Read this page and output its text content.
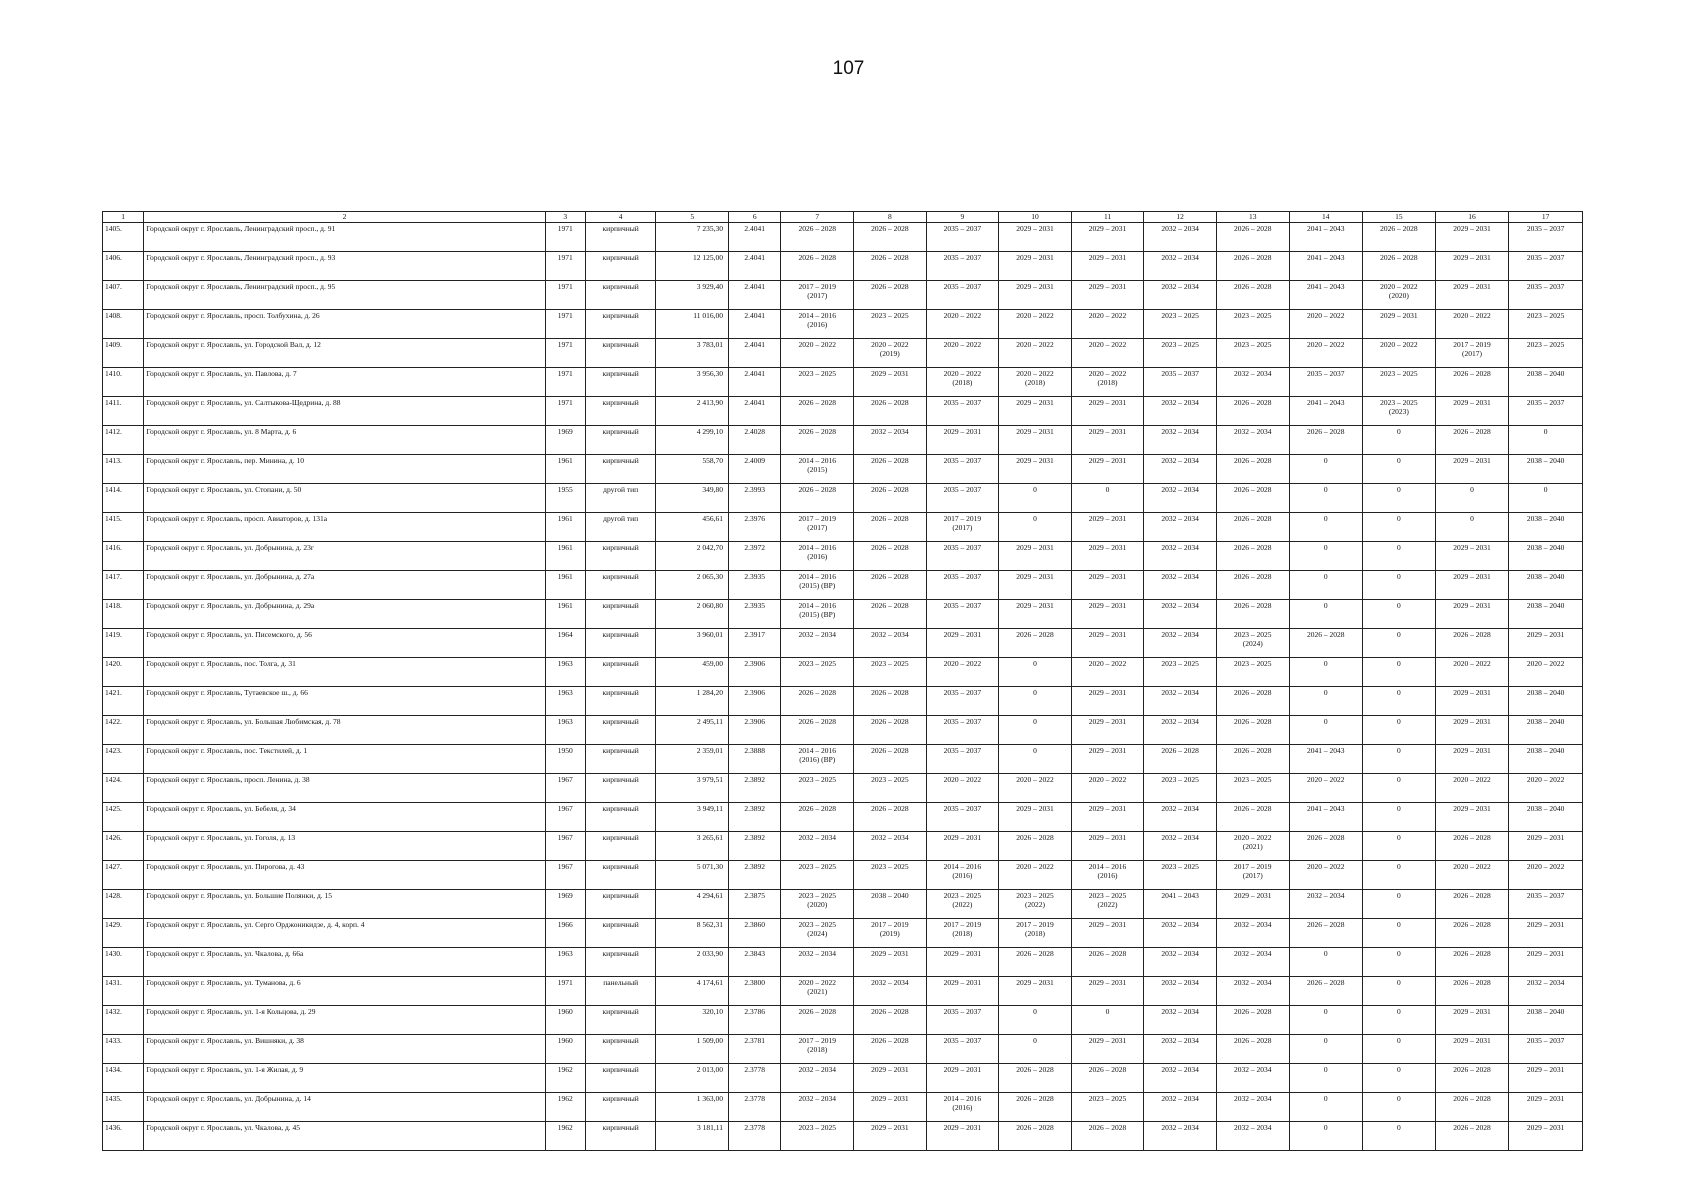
107
1	2	3	4	5	6	7	8	9	10	11	12	13	14	15	16	17
1405.	Городской округ г. Ярославль, Ленинградский просп., д. 91	1971	кирпичный	7 235,30	2.4041	2026 – 2028	2026 – 2028	2035 – 2037	2029 – 2031	2029 – 2031	2032 – 2034	2026 – 2028	2041 – 2043	2026 – 2028	2029 – 2031	2035 – 2037
1406.	Городской округ г. Ярославль, Ленинградский просп., д. 93	1971	кирпичный	12 125,00	2.4041	2026 – 2028	2026 – 2028	2035 – 2037	2029 – 2031	2029 – 2031	2032 – 2034	2026 – 2028	2041 – 2043	2026 – 2028	2029 – 2031	2035 – 2037
1407.	Городской округ г. Ярославль, Ленинградский просп., д. 95	1971	кирпичный	3 929,40	2.4041	2017 – 2019
(2017)	2026 – 2028	2035 – 2037	2029 – 2031	2029 – 2031	2032 – 2034	2026 – 2028	2041 – 2043	2020 – 2022
(2020)	2029 – 2031	2035 – 2037
1408.	Городской округ г. Ярославль, просп. Толбухина, д. 26	1971	кирпичный	11 016,00	2.4041	2014 – 2016
(2016)	2023 – 2025	2020 – 2022	2020 – 2022	2020 – 2022	2023 – 2025	2023 – 2025	2020 – 2022	2029 – 2031	2020 – 2022	2023 – 2025
1409.	Городской округ г. Ярославль, ул. Городской Вал, д. 12	1971	кирпичный	3 783,01	2.4041	2020 – 2022	2020 – 2022
(2019)	2020 – 2022	2020 – 2022	2020 – 2022	2023 – 2025	2023 – 2025	2020 – 2022	2020 – 2022	2017 – 2019
(2017)	2023 – 2025
1410.	Городской округ г. Ярославль, ул. Павлова, д. 7	1971	кирпичный	3 956,30	2.4041	2023 – 2025	2029 – 2031	2020 – 2022
(2018)	2020 – 2022
(2018)	2020 – 2022
(2018)	2035 – 2037	2032 – 2034	2035 – 2037	2023 – 2025	2026 – 2028	2038 – 2040
1411.	Городской округ г. Ярославль, ул. Салтыкова-Щедрина, д. 88	1971	кирпичный	2 413,90	2.4041	2026 – 2028	2026 – 2028	2035 – 2037	2029 – 2031	2029 – 2031	2032 – 2034	2026 – 2028	2041 – 2043	2023 – 2025
(2023)	2029 – 2031	2035 – 2037
1412.	Городской округ г. Ярославль, ул. 8 Марта, д. 6	1969	кирпичный	4 299,10	2.4028	2026 – 2028	2032 – 2034	2029 – 2031	2029 – 2031	2029 – 2031	2032 – 2034	2032 – 2034	2026 – 2028	0	2026 – 2028	0
1413.	Городской округ г. Ярославль, пер. Минина, д. 10	1961	кирпичный	558,70	2.4009	2014 – 2016
(2015)	2026 – 2028	2035 – 2037	2029 – 2031	2029 – 2031	2032 – 2034	2026 – 2028	0	0	2029 – 2031	2038 – 2040
1414.	Городской округ г. Ярославль, ул. Стопани, д. 50	1955	другой тип	349,80	2.3993	2026 – 2028	2026 – 2028	2035 – 2037	0	0	2032 – 2034	2026 – 2028	0	0	0	0
1415.	Городской округ г. Ярославль, просп. Авиаторов, д. 131а	1961	другой тип	456,61	2.3976	2017 – 2019
(2017)	2026 – 2028	2017 – 2019
(2017)	0	2029 – 2031	2032 – 2034	2026 – 2028	0	0	0	2038 – 2040
1416.	Городской округ г. Ярославль, ул. Добрынина, д. 23г	1961	кирпичный	2 042,70	2.3972	2014 – 2016
(2016)	2026 – 2028	2035 – 2037	2029 – 2031	2029 – 2031	2032 – 2034	2026 – 2028	0	0	2029 – 2031	2038 – 2040
1417.	Городской округ г. Ярославль, ул. Добрынина, д. 27а	1961	кирпичный	2 065,30	2.3935	2014 – 2016
(2015) (ВР)	2026 – 2028	2035 – 2037	2029 – 2031	2029 – 2031	2032 – 2034	2026 – 2028	0	0	2029 – 2031	2038 – 2040
1418.	Городской округ г. Ярославль, ул. Добрынина, д. 29а	1961	кирпичный	2 060,80	2.3935	2014 – 2016
(2015) (ВР)	2026 – 2028	2035 – 2037	2029 – 2031	2029 – 2031	2032 – 2034	2026 – 2028	0	0	2029 – 2031	2038 – 2040
1419.	Городской округ г. Ярославль, ул. Писемского, д. 56	1964	кирпичный	3 960,01	2.3917	2032 – 2034	2032 – 2034	2029 – 2031	2026 – 2028	2029 – 2031	2032 – 2034	2023 – 2025
(2024)	2026 – 2028	0	2026 – 2028	2029 – 2031
1420.	Городской округ г. Ярославль, пос. Толга, д. 31	1963	кирпичный	459,00	2.3906	2023 – 2025	2023 – 2025	2020 – 2022	0	2020 – 2022	2023 – 2025	2023 – 2025	0	0	2020 – 2022	2020 – 2022
1421.	Городской округ г. Ярославль, Тутаевское ш., д. 66	1963	кирпичный	1 284,20	2.3906	2026 – 2028	2026 – 2028	2035 – 2037	0	2029 – 2031	2032 – 2034	2026 – 2028	0	0	2029 – 2031	2038 – 2040
1422.	Городской округ г. Ярославль, ул. Большая Любимская, д. 78	1963	кирпичный	2 495,11	2.3906	2026 – 2028	2026 – 2028	2035 – 2037	0	2029 – 2031	2032 – 2034	2026 – 2028	0	0	2029 – 2031	2038 – 2040
1423.	Городской округ г. Ярославль, пос. Текстилей, д. 1	1950	кирпичный	2 359,01	2.3888	2014 – 2016
(2016) (ВР)	2026 – 2028	2035 – 2037	0	2029 – 2031	2026 – 2028	2026 – 2028	2041 – 2043	0	2029 – 2031	2038 – 2040
1424.	Городской округ г. Ярославль, просп. Ленина, д. 38	1967	кирпичный	3 979,51	2.3892	2023 – 2025	2023 – 2025	2020 – 2022	2020 – 2022	2020 – 2022	2023 – 2025	2023 – 2025	2020 – 2022	0	2020 – 2022	2020 – 2022
1425.	Городской округ г. Ярославль, ул. Бебеля, д. 34	1967	кирпичный	3 949,11	2.3892	2026 – 2028	2026 – 2028	2035 – 2037	2029 – 2031	2029 – 2031	2032 – 2034	2026 – 2028	2041 – 2043	0	2029 – 2031	2038 – 2040
1426.	Городской округ г. Ярославль, ул. Гоголя, д. 13	1967	кирпичный	3 265,61	2.3892	2032 – 2034	2032 – 2034	2029 – 2031	2026 – 2028	2029 – 2031	2032 – 2034	2020 – 2022
(2021)	2026 – 2028	0	2026 – 2028	2029 – 2031
1427.	Городской округ г. Ярославль, ул. Пирогова, д. 43	1967	кирпичный	5 071,30	2.3892	2023 – 2025	2023 – 2025	2014 – 2016
(2016)	2020 – 2022	2014 – 2016
(2016)	2023 – 2025	2017 – 2019
(2017)	2020 – 2022	0	2020 – 2022	2020 – 2022
1428.	Городской округ г. Ярославль, ул. Большие Полянки, д. 15	1969	кирпичный	4 294,61	2.3875	2023 – 2025
(2020)	2038 – 2040	2023 – 2025
(2022)	2023 – 2025
(2022)	2023 – 2025
(2022)	2041 – 2043	2029 – 2031	2032 – 2034	0	2026 – 2028	2035 – 2037
1429.	Городской округ г. Ярославль, ул. Серго Орджоникидзе, д. 4, корп. 4	1966	кирпичный	8 562,31	2.3860	2023 – 2025
(2024)	2017 – 2019
(2019)	2017 – 2019
(2018)	2017 – 2019
(2018)	2029 – 2031	2032 – 2034	2032 – 2034	2026 – 2028	0	2026 – 2028	2029 – 2031
1430.	Городской округ г. Ярославль, ул. Чкалова, д. 66а	1963	кирпичный	2 033,90	2.3843	2032 – 2034	2029 – 2031	2029 – 2031	2026 – 2028	2026 – 2028	2032 – 2034	2032 – 2034	0	0	2026 – 2028	2029 – 2031
1431.	Городской округ г. Ярославль, ул. Туманова, д. 6	1971	панельный	4 174,61	2.3800	2020 – 2022
(2021)	2032 – 2034	2029 – 2031	2029 – 2031	2029 – 2031	2032 – 2034	2032 – 2034	2026 – 2028	0	2026 – 2028	2032 – 2034
1432.	Городской округ г. Ярославль, ул. 1-я Кольцова, д. 29	1960	кирпичный	320,10	2.3786	2026 – 2028	2026 – 2028	2035 – 2037	0	0	2032 – 2034	2026 – 2028	0	0	2029 – 2031	2038 – 2040
1433.	Городской округ г. Ярославль, ул. Вишняки, д. 38	1960	кирпичный	1 509,00	2.3781	2017 – 2019
(2018)	2026 – 2028	2035 – 2037	0	2029 – 2031	2032 – 2034	2026 – 2028	0	0	2029 – 2031	2035 – 2037
1434.	Городской округ г. Ярославль, ул. 1-я Жилая, д. 9	1962	кирпичный	2 013,00	2.3778	2032 – 2034	2029 – 2031	2029 – 2031	2026 – 2028	2026 – 2028	2032 – 2034	2032 – 2034	0	0	2026 – 2028	2029 – 2031
1435.	Городской округ г. Ярославль, ул. Добрынина, д. 14	1962	кирпичный	1 363,00	2.3778	2032 – 2034	2029 – 2031	2014 – 2016
(2016)	2026 – 2028	2023 – 2025	2032 – 2034	2032 – 2034	0	0	2026 – 2028	2029 – 2031
1436.	Городской округ г. Ярославль, ул. Чкалова, д. 45	1962	кирпичный	3 181,11	2.3778	2023 – 2025	2029 – 2031	2029 – 2031	2026 – 2028	2026 – 2028	2032 – 2034	2032 – 2034	0	0	2026 – 2028	2029 – 2031
